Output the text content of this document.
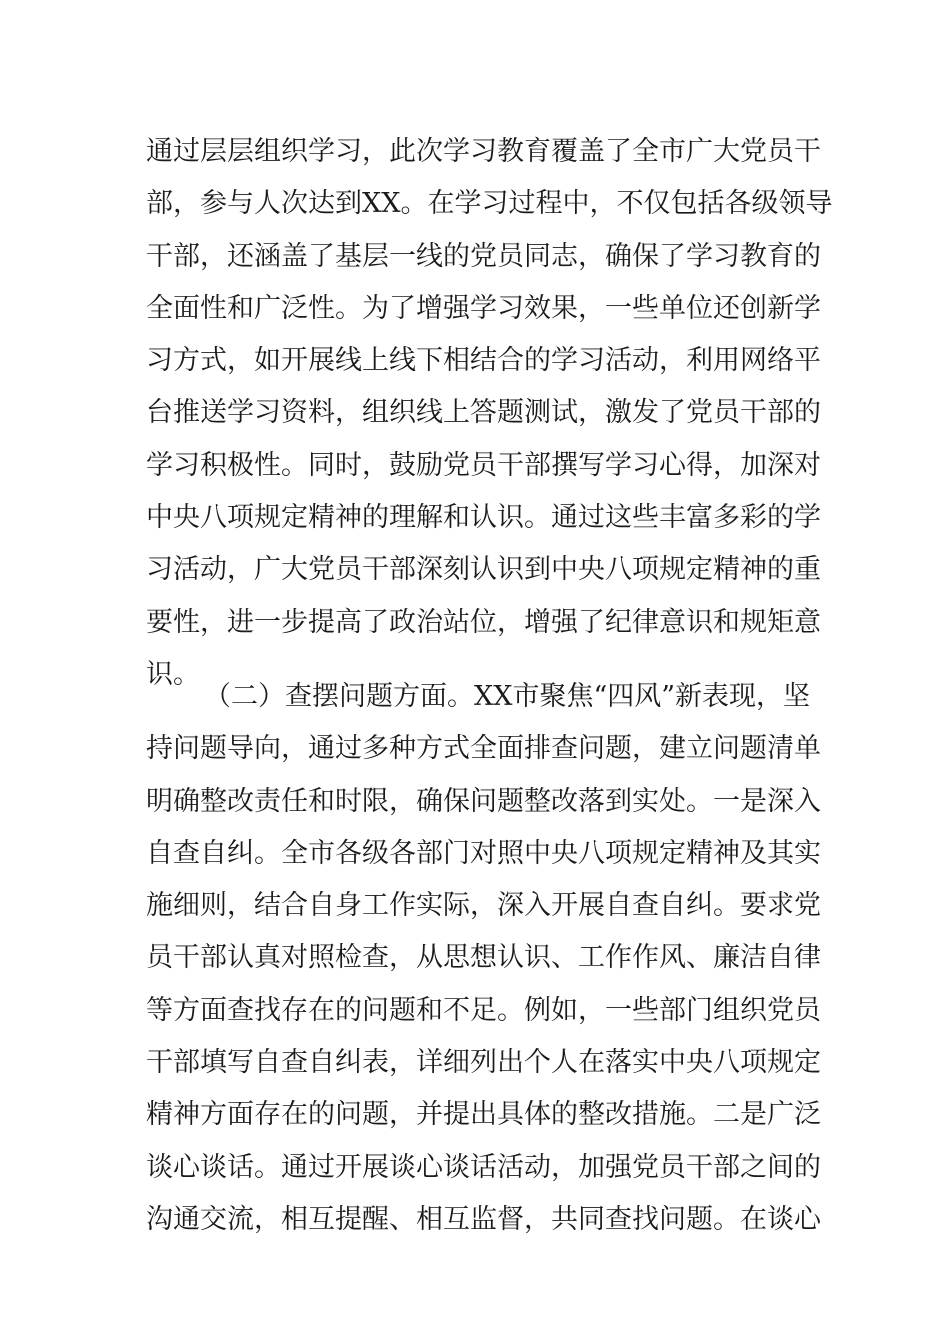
通过层层组织学习，此次学习教育覆盖了全市广大党员干
部，参与人次达到XX。在学习过程中，不仅包括各级领导
干部，还涵盖了基层一线的党员同志，确保了学习教育的
全面性和广泛性。为了增强学习效果，一些单位还创新学
习方式，如开展线上线下相结合的学习活动，利用网络平
台推送学习资料，组织线上答题测试，激发了党员干部的
学习积极性。同时，鼓励党员干部撰写学习心得，加深对
中央八项规定精神的理解和认识。通过这些丰富多彩的学
习活动，广大党员干部深刻认识到中央八项规定精神的重
要性，进一步提高了政治站位，增强了纪律意识和规矩意
识。
（二）查摆问题方面。XX市聚焦“四风”新表现，坚
持问题导向，通过多种方式全面排查问题，建立问题清单
明确整改责任和时限，确保问题整改落到实处。一是深入
自查自纠。全市各级各部门对照中央八项规定精神及其实
施细则，结合自身工作实际，深入开展自查自纠。要求党
员干部认真对照检查，从思想认识、工作作风、廉洁自律
等方面查找存在的问题和不足。例如，一些部门组织党员
干部填写自查自纠表，详细列出个人在落实中央八项规定
精神方面存在的问题，并提出具体的整改措施。二是广泛
谈心谈话。通过开展谈心谈话活动，加强党员干部之间的
沟通交流，相互提醒、相互监督，共同查找问题。在谈心
